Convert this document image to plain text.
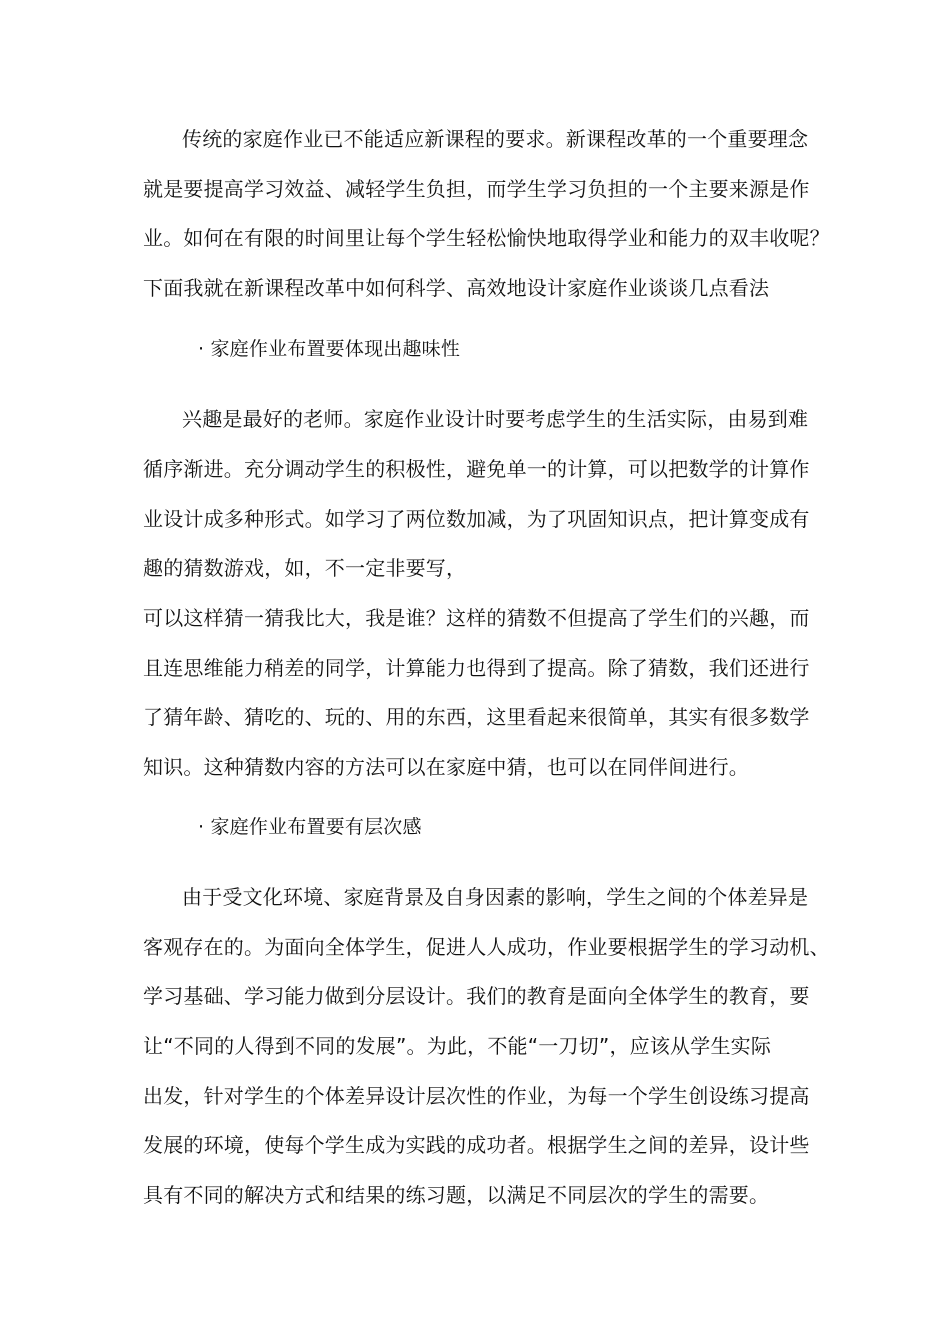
传统的家庭作业已不能适应新课程的要求。新课程改革的一个重要理念
就是要提高学习效益、减轻学生负担，而学生学习负担的一个主要来源是作
业。如何在有限的时间里让每个学生轻松愉快地取得学业和能力的双丰收呢？
下面我就在新课程改革中如何科学、高效地设计家庭作业谈谈几点看法
· 家庭作业布置要体现出趣味性
兴趣是最好的老师。家庭作业设计时要考虑学生的生活实际，由易到难
循序渐进。充分调动学生的积极性，避免单一的计算，可以把数学的计算作
业设计成多种形式。如学习了两位数加减，为了巩固知识点，把计算变成有
趣的猜数游戏，如，不一定非要写，
可以这样猜一猜我比大，我是谁？这样的猜数不但提高了学生们的兴趣，而
且连思维能力稍差的同学，计算能力也得到了提高。除了猜数，我们还进行
了猜年龄、猜吃的、玩的、用的东西，这里看起来很简单，其实有很多数学
知识。这种猜数内容的方法可以在家庭中猜，也可以在同伴间进行。
· 家庭作业布置要有层次感
由于受文化环境、家庭背景及自身因素的影响，学生之间的个体差异是
客观存在的。为面向全体学生，促进人人成功，作业要根据学生的学习动机、
学习基础、学习能力做到分层设计。我们的教育是面向全体学生的教育，要
让“不同的人得到不同的发展”。为此，不能“一刀切”，应该从学生实际
出发，针对学生的个体差异设计层次性的作业，为每一个学生创设练习提高
发展的环境，使每个学生成为实践的成功者。根据学生之间的差异，设计些
具有不同的解决方式和结果的练习题，以满足不同层次的学生的需要。
